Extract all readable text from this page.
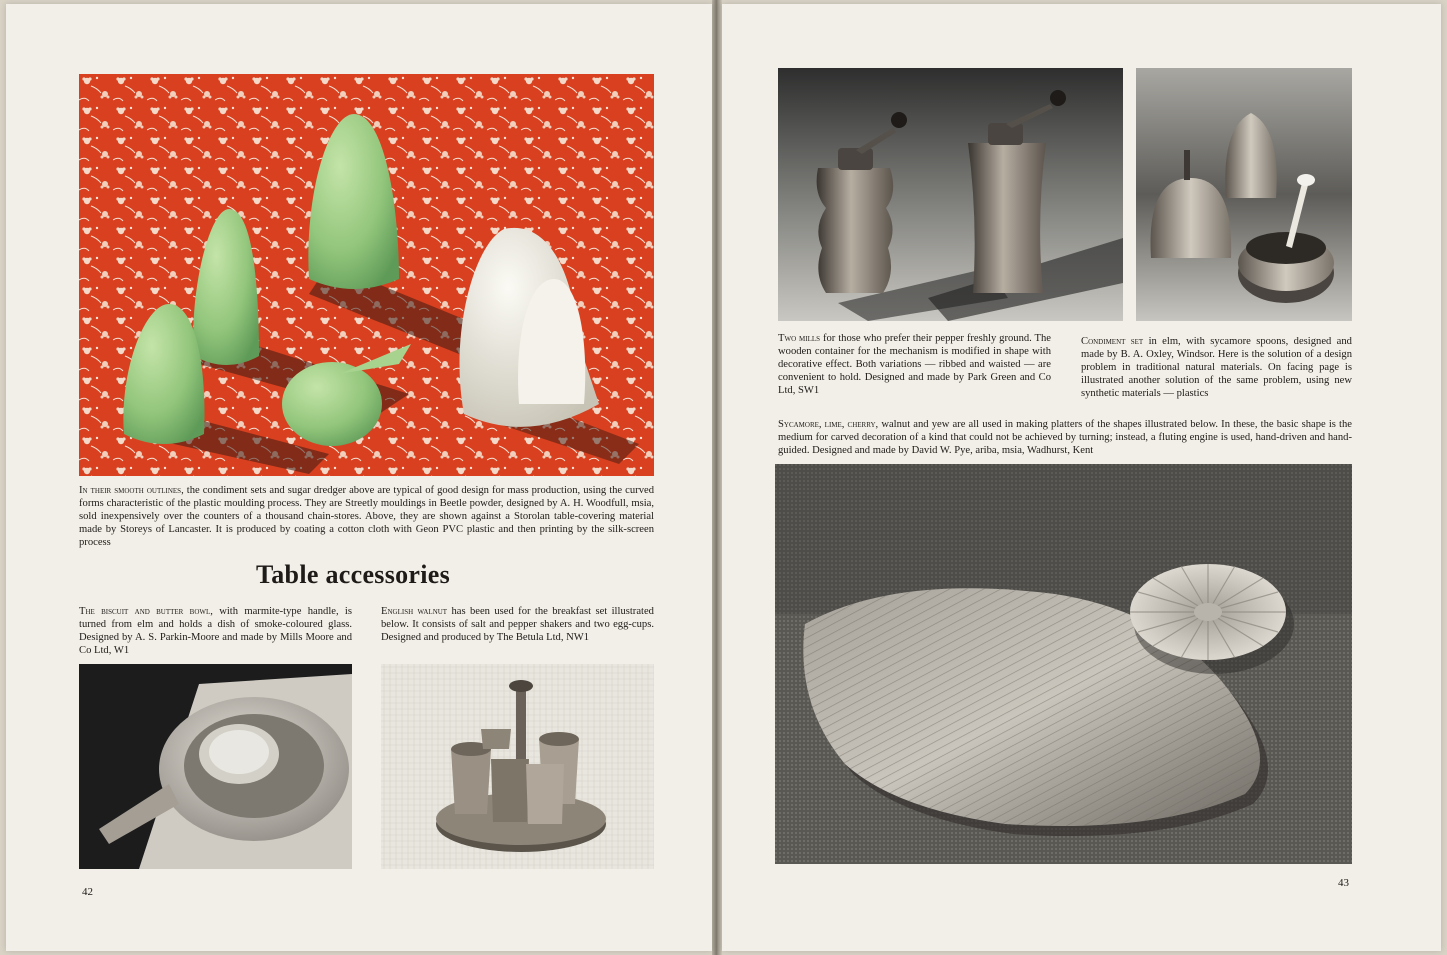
In their smooth outlines, the condiment sets and sugar dredger above are typical of good design for mass production, using the curved forms characteristic of the plastic moulding process. They are Streetly mouldings in Beetle powder, designed by A. H. Woodfull, msia, sold inexpensively over the counters of a thousand chain-stores. Above, they are shown against a Storolan table-covering material made by Storeys of Lancaster. It is produced by coating a cotton cloth with Geon PVC plastic and then printing by the silk-screen process

Table accessories

The biscuit and butter bowl, with marmite-type handle, is turned from elm and holds a dish of smoke-coloured glass. Designed by A. S. Parkin-Moore and made by Mills Moore and Co Ltd, W1

English walnut has been used for the breakfast set illustrated below. It consists of salt and pepper shakers and two egg-cups. Designed and produced by The Betula Ltd, NW1

42

Two mills for those who prefer their pepper freshly ground. The wooden container for the mechanism is modified in shape with decorative effect. Both variations — ribbed and waisted — are convenient to hold. Designed and made by Park Green and Co Ltd, SW1

Condiment set in elm, with sycamore spoons, designed and made by B. A. Oxley, Windsor. Here is the solution of a design problem in traditional natural materials. On facing page is illustrated another solution of the same problem, using new synthetic materials — plastics

Sycamore, lime, cherry, walnut and yew are all used in making platters of the shapes illustrated below. In these, the basic shape is the medium for carved decoration of a kind that could not be achieved by turning; instead, a fluting engine is used, hand-driven and hand-guided. Designed and made by David W. Pye, ariba, msia, Wadhurst, Kent

43
